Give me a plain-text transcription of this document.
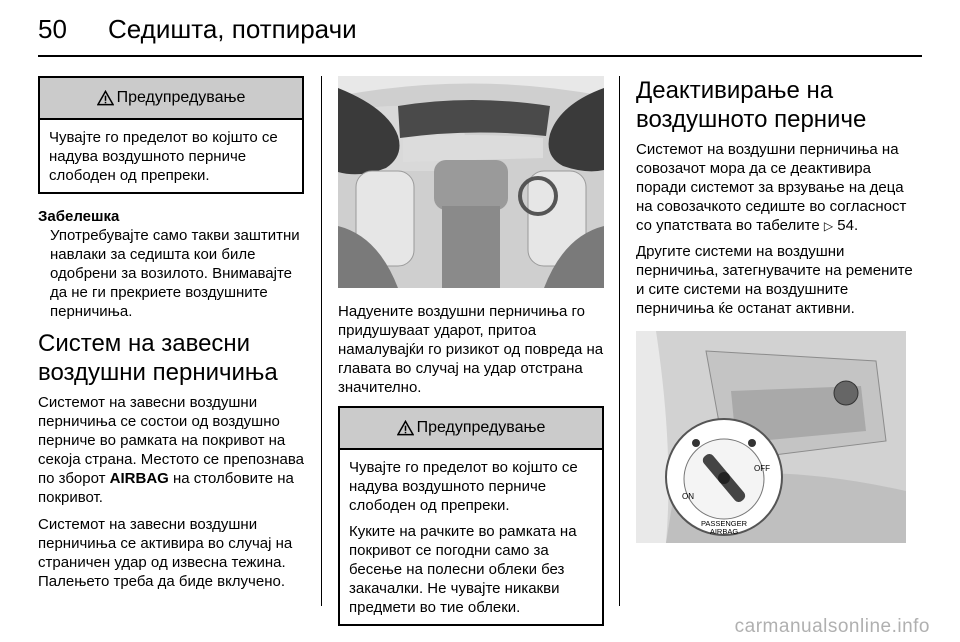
50 Седишта, потпирачи
Предупредување

Чувајте го пределот во којшто се надува воздушното перниче слободен од препреки.

Забелешка

Употребувајте само такви заштитни навлаки за седишта кои биле одобрени за возилото. Внимавајте да не ги прекриете воздушните перничиња.

Систем на завесни воздушни перничиња

Системот на завесни воздушни перничиња се состои од воздушно перниче во рамката на покривот на секоја страна. Местото се препознава по зборот AIRBAG на столбовите на покривот.

Системот на завесни воздушни перничиња се активира во случај на страничен удар од извесна тежина. Палењето треба да биде вклучено.

Надуените воздушни перничиња го придушуваат ударот, притоа намалувајќи го ризикот од повреда на главата во случај на удар отстрана значително.

Предупредување

Чувајте го пределот во којшто се надува воздушното перниче слободен од препреки.

Куките на рачките во рамката на покривот се погодни само за бесење на полесни облеки без закачалки. Не чувајте никакви предмети во тие облеки.

Деактивирање на воздушното перниче

Системот на воздушни перничиња на совозачот мора да се деактивира поради системот за врзување на деца на совозачкото седиште во согласност со упатствата во табелите ▷ 54.

Другите системи на воздушни перничиња, затегнувачите на ремените и сите системи на воздушните перничиња ќе останат активни.

ON
OFF
PASSENGER
AIRBAG
carmanualsonline.info
